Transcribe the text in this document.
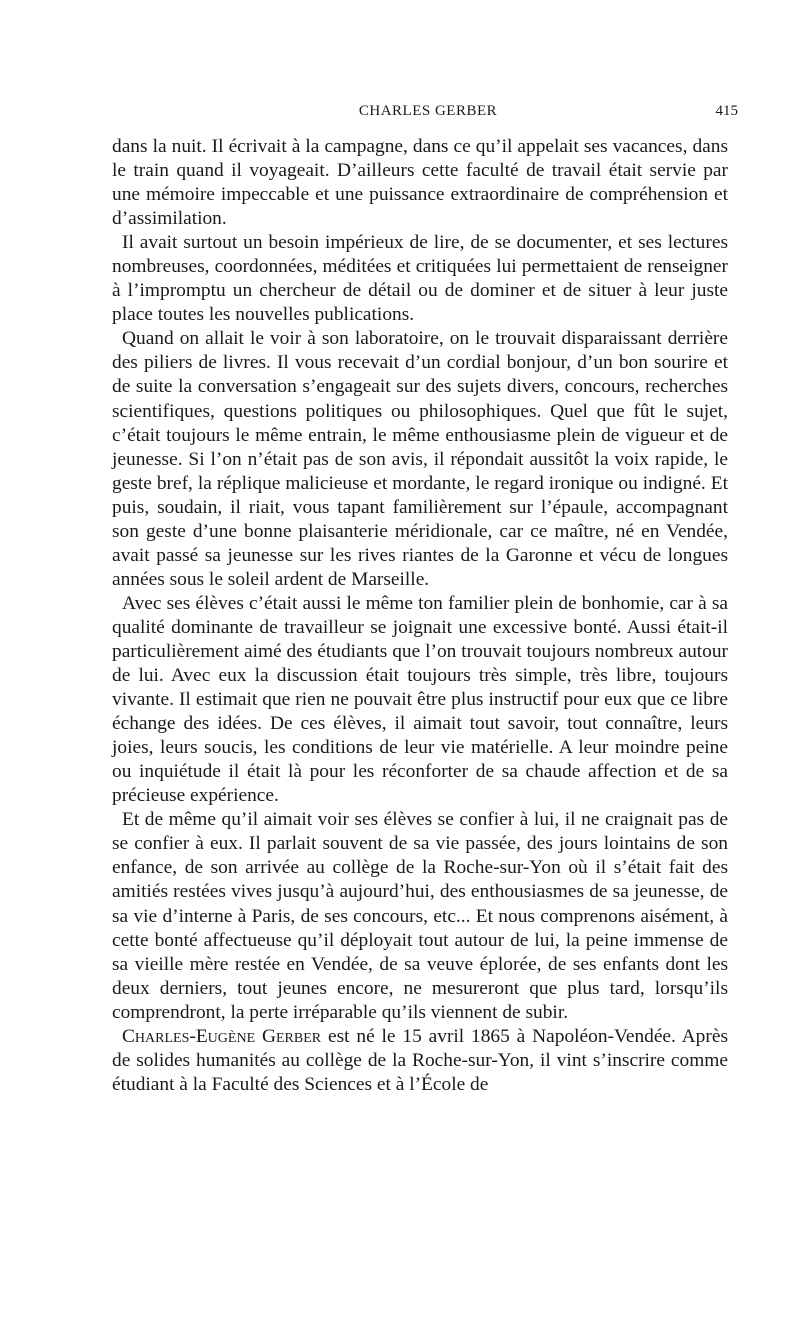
CHARLES GERBER	415

dans la nuit. Il écrivait à la campagne, dans ce qu’il appelait ses vacances, dans le train quand il voyageait. D’ailleurs cette faculté de travail était servie par une mémoire impeccable et une puissance extraordinaire de compréhension et d’assimilation.

Il avait surtout un besoin impérieux de lire, de se documenter, et ses lectures nombreuses, coordonnées, méditées et critiquées lui permettaient de renseigner à l’impromptu un chercheur de détail ou de dominer et de situer à leur juste place toutes les nouvelles publications.

Quand on allait le voir à son laboratoire, on le trouvait disparaissant derrière des piliers de livres. Il vous recevait d’un cordial bonjour, d’un bon sourire et de suite la conversation s’engageait sur des sujets divers, concours, recherches scientifiques, questions politiques ou philosophiques. Quel que fût le sujet, c’était toujours le même entrain, le même enthousiasme plein de vigueur et de jeunesse. Si l’on n’était pas de son avis, il répondait aussitôt la voix rapide, le geste bref, la réplique malicieuse et mordante, le regard ironique ou indigné. Et puis, soudain, il riait, vous tapant familièrement sur l’épaule, accompagnant son geste d’une bonne plaisanterie méridionale, car ce maître, né en Vendée, avait passé sa jeunesse sur les rives riantes de la Garonne et vécu de longues années sous le soleil ardent de Marseille.

Avec ses élèves c’était aussi le même ton familier plein de bonhomie, car à sa qualité dominante de travailleur se joignait une excessive bonté. Aussi était-il particulièrement aimé des étudiants que l’on trouvait toujours nombreux autour de lui. Avec eux la discussion était toujours très simple, très libre, toujours vivante. Il estimait que rien ne pouvait être plus instructif pour eux que ce libre échange des idées. De ces élèves, il aimait tout savoir, tout connaître, leurs joies, leurs soucis, les conditions de leur vie matérielle. A leur moindre peine ou inquiétude il était là pour les réconforter de sa chaude affection et de sa précieuse expérience.

Et de même qu’il aimait voir ses élèves se confier à lui, il ne craignait pas de se confier à eux. Il parlait souvent de sa vie passée, des jours lointains de son enfance, de son arrivée au collège de la Roche-sur-Yon où il s’était fait des amitiés restées vives jusqu’à aujourd’hui, des enthousiasmes de sa jeunesse, de sa vie d’interne à Paris, de ses concours, etc... Et nous comprenons aisément, à cette bonté affectueuse qu’il déployait tout autour de lui, la peine immense de sa vieille mère restée en Vendée, de sa veuve éplorée, de ses enfants dont les deux derniers, tout jeunes encore, ne mesureront que plus tard, lorsqu’ils comprendront, la perte irréparable qu’ils viennent de subir.

Charles-Eugène Gerber est né le 15 avril 1865 à Napoléon-Vendée. Après de solides humanités au collège de la Roche-sur-Yon, il vint s’inscrire comme étudiant à la Faculté des Sciences et à l’École de
